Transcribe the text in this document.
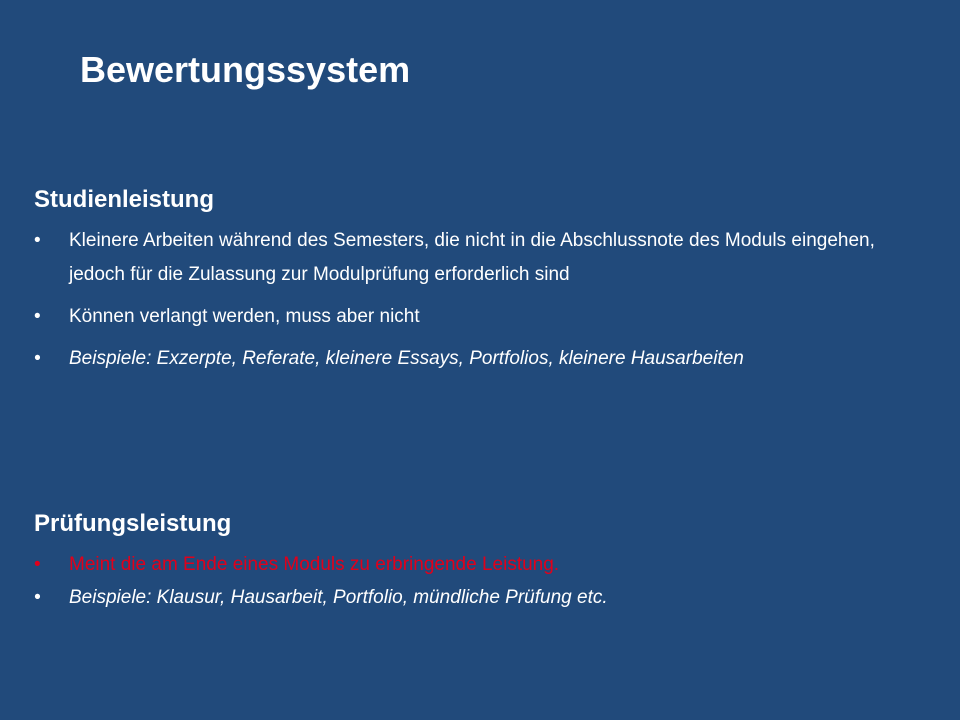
Bewertungssystem
Studienleistung
• Kleinere Arbeiten während des Semesters, die nicht in die Abschlussnote des Moduls eingehen, jedoch für die Zulassung zur Modulprüfung erforderlich sind
• Können verlangt werden, muss aber nicht
• Beispiele: Exzerpte, Referate, kleinere Essays, Portfolios, kleinere Hausarbeiten
Prüfungsleistung
• Meint die am Ende eines Moduls zu erbringende Leistung.
• Beispiele: Klausur, Hausarbeit, Portfolio, mündliche Prüfung etc.
